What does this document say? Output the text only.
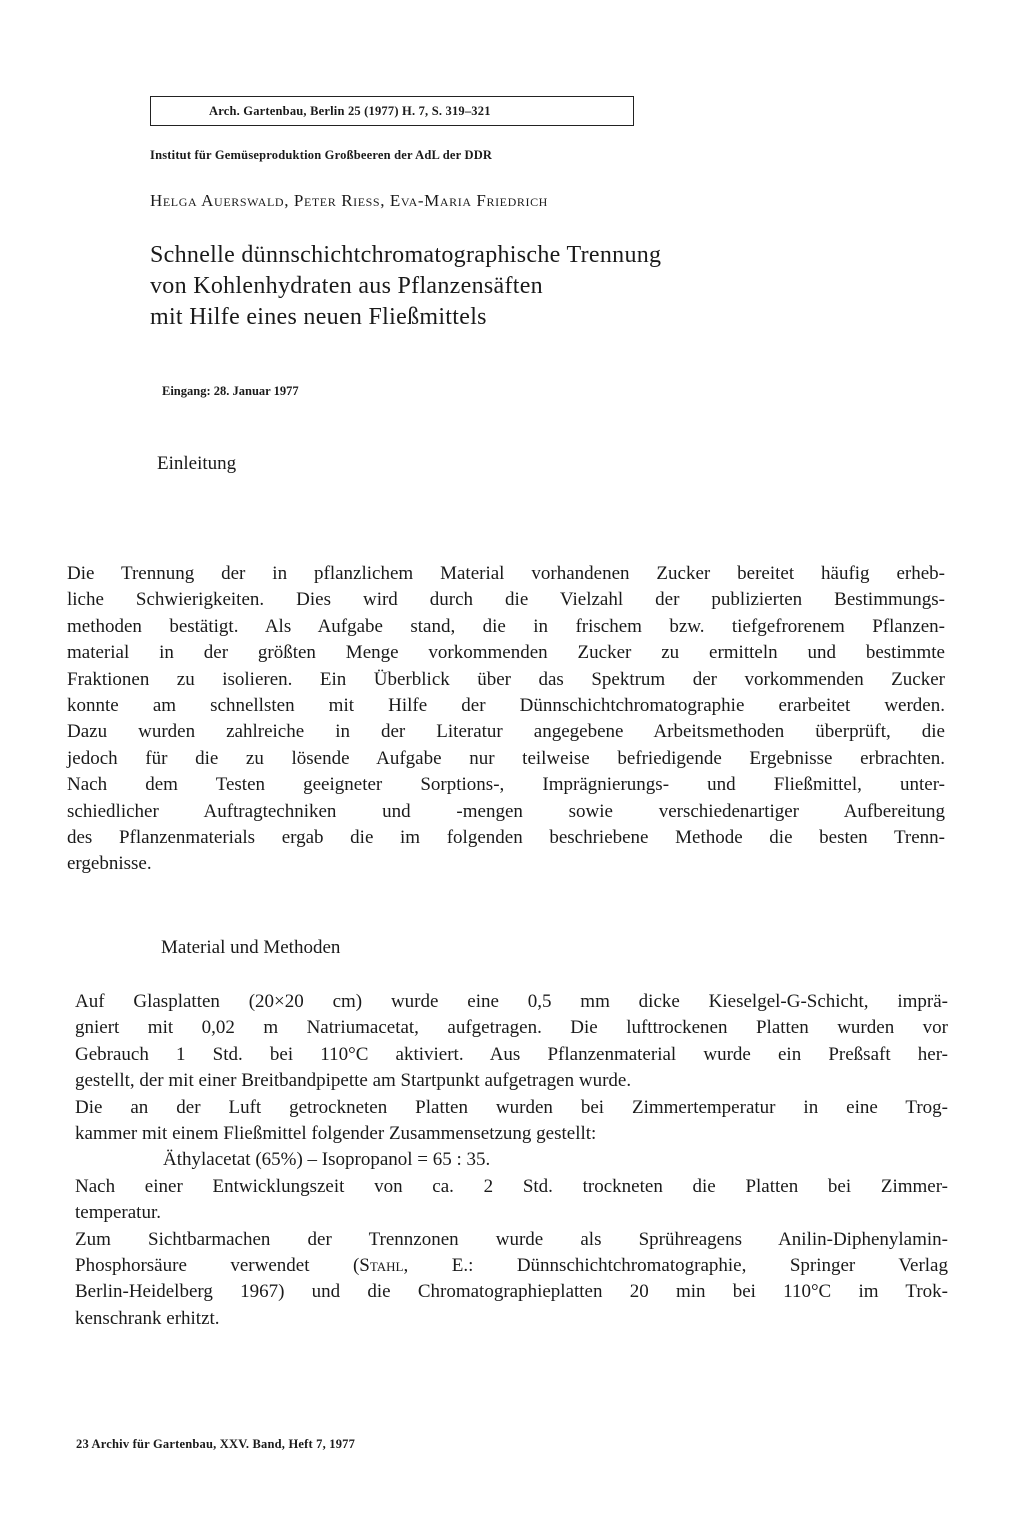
Arch. Gartenbau, Berlin 25 (1977) H. 7, S. 319–321
Institut für Gemüseproduktion Großbeeren der AdL der DDR
Helga Auerswald, Peter Riess, Eva-Maria Friedrich
Schnelle dünnschichtchromatographische Trennung
von Kohlenhydraten aus Pflanzensäften
mit Hilfe eines neuen Fließmittels
Eingang: 28. Januar 1977
Einleitung
Die Trennung der in pflanzlichem Material vorhandenen Zucker bereitet häufig erheb-
liche Schwierigkeiten. Dies wird durch die Vielzahl der publizierten Bestimmungs-
methoden bestätigt. Als Aufgabe stand, die in frischem bzw. tiefgefrorenem Pflanzen-
material in der größten Menge vorkommenden Zucker zu ermitteln und bestimmte
Fraktionen zu isolieren. Ein Überblick über das Spektrum der vorkommenden Zucker
konnte am schnellsten mit Hilfe der Dünnschichtchromatographie erarbeitet werden.
Dazu wurden zahlreiche in der Literatur angegebene Arbeitsmethoden überprüft, die
jedoch für die zu lösende Aufgabe nur teilweise befriedigende Ergebnisse erbrachten.
Nach dem Testen geeigneter Sorptions-, Imprägnierungs- und Fließmittel, unter-
schiedlicher Auftragtechniken und -mengen sowie verschiedenartiger Aufbereitung
des Pflanzenmaterials ergab die im folgenden beschriebene Methode die besten Trenn-
ergebnisse.
Material und Methoden
Auf Glasplatten (20×20 cm) wurde eine 0,5 mm dicke Kieselgel-G-Schicht, imprä-
gniert mit 0,02 m Natriumacetat, aufgetragen. Die lufttrockenen Platten wurden vor
Gebrauch 1 Std. bei 110°C aktiviert. Aus Pflanzenmaterial wurde ein Preßsaft her-
gestellt, der mit einer Breitbandpipette am Startpunkt aufgetragen wurde.
Die an der Luft getrockneten Platten wurden bei Zimmertemperatur in eine Trog-
kammer mit einem Fließmittel folgender Zusammensetzung gestellt:
Äthylacetat (65%) – Isopropanol = 65 : 35.
Nach einer Entwicklungszeit von ca. 2 Std. trockneten die Platten bei Zimmer-
temperatur.
Zum Sichtbarmachen der Trennzonen wurde als Sprühreagens Anilin-Diphenylamin-
Phosphorsäure verwendet (Stahl, E.: Dünnschichtchromatographie, Springer Verlag
Berlin-Heidelberg 1967) und die Chromatographieplatten 20 min bei 110°C im Trok-
kenschrank erhitzt.
23 Archiv für Gartenbau, XXV. Band, Heft 7, 1977
